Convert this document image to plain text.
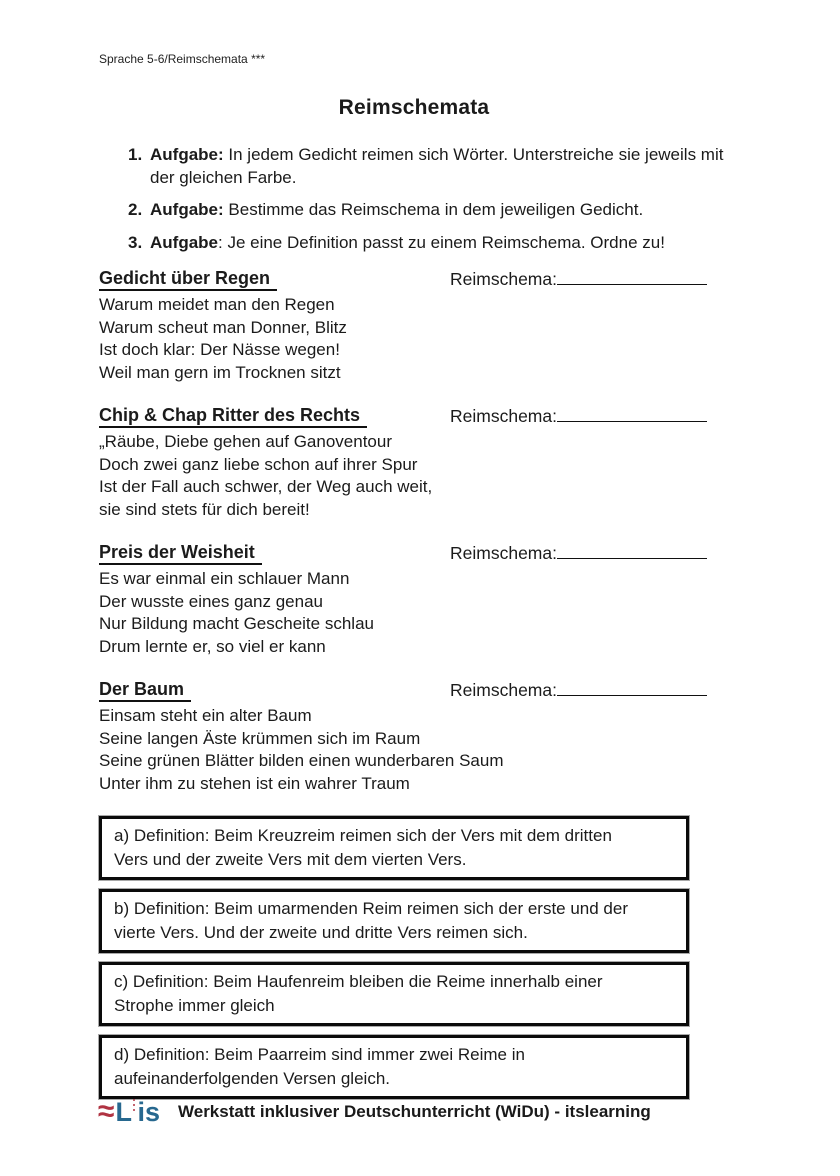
Sprache 5-6/Reimschemata ***
Reimschemata
1. Aufgabe: In jedem Gedicht reimen sich Wörter. Unterstreiche sie jeweils mit der gleichen Farbe.
2. Aufgabe: Bestimme das Reimschema in dem jeweiligen Gedicht.
3. Aufgabe: Je eine Definition passt zu einem Reimschema. Ordne zu!
Gedicht über Regen	Reimschema:
Warum meidet man den Regen
Warum scheut man Donner, Blitz
Ist doch klar: Der Nässe wegen!
Weil man gern im Trocknen sitzt
Chip & Chap Ritter des Rechts	Reimschema:
„Räube, Diebe gehen auf Ganoventour
Doch zwei ganz liebe schon auf ihrer Spur
Ist der Fall auch schwer, der Weg auch weit,
sie sind stets für dich bereit!
Preis der Weisheit	Reimschema:
Es war einmal ein schlauer Mann
Der wusste eines ganz genau
Nur Bildung macht Gescheite schlau
Drum lernte er, so viel er kann
Der Baum	Reimschema:
Einsam steht ein alter Baum
Seine langen Äste krümmen sich im Raum
Seine grünen Blätter bilden einen wunderbaren Saum
Unter ihm zu stehen ist ein wahrer Traum
a) Definition: Beim Kreuzreim reimen sich der Vers mit dem dritten
Vers und der zweite Vers mit dem vierten Vers.
b) Definition: Beim umarmenden Reim reimen sich der erste und der
vierte Vers. Und der zweite und dritte Vers reimen sich.
c) Definition: Beim Haufenreim bleiben die Reime innerhalb einer
Strophe immer gleich
d) Definition: Beim Paarreim sind immer zwei Reime in
aufeinanderfolgenden Versen gleich.
≈ L is Werkstatt inklusiver Deutschunterricht (WiDu) - itslearning
